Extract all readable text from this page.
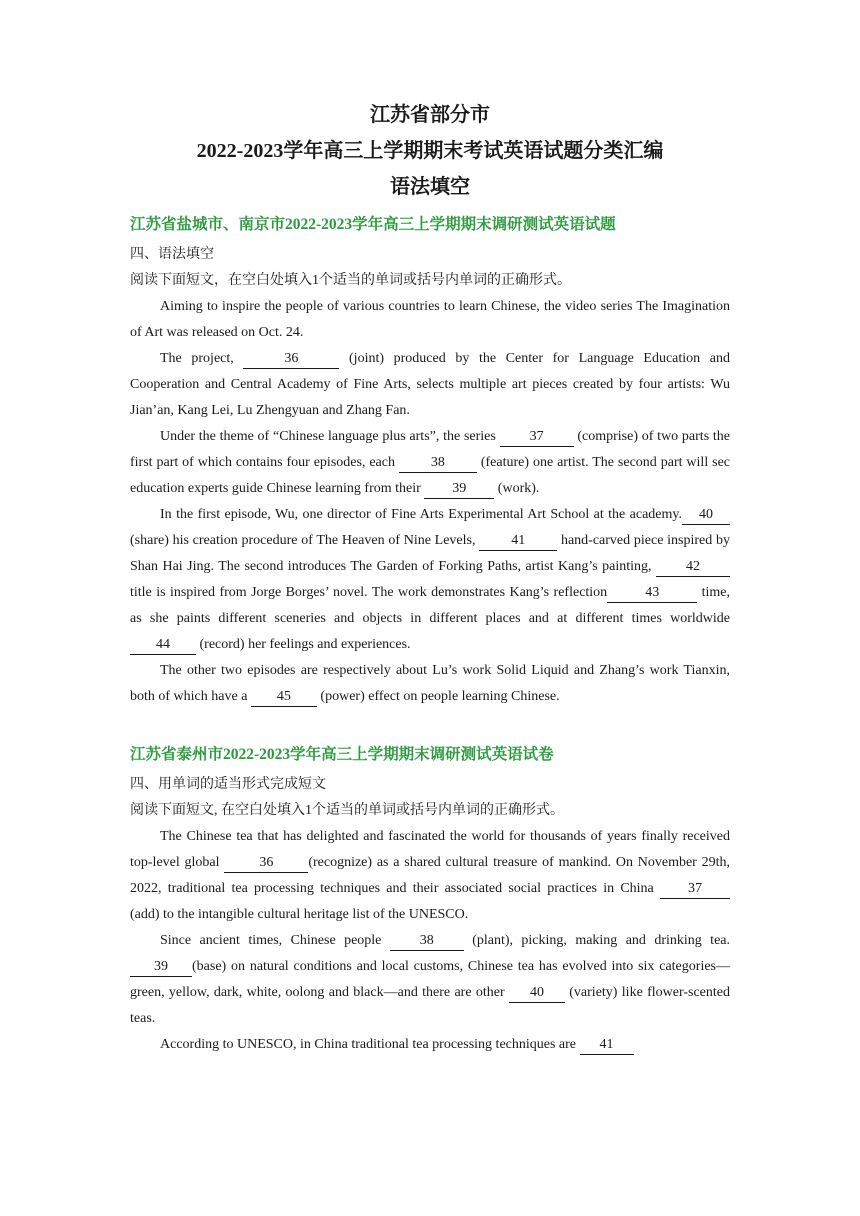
江苏省部分市
2022-2023学年高三上学期期末考试英语试题分类汇编
语法填空
江苏省盐城市、南京市2022-2023学年高三上学期期末调研测试英语试题
四、语法填空
阅读下面短文，在空白处填入1个适当的单词或括号内单词的正确形式。

Aiming to inspire the people of various countries to learn Chinese, the video series The Imagination of Art was released on Oct. 24.

The project,	36	(joint) produced by the Center for Language Education and Cooperation and Central Academy of Fine Arts, selects multiple art pieces created by four artists: Wu Jian’an, Kang Lei, Lu Zhengyuan and Zhang Fan.

Under the theme of “Chinese language plus arts”, the series 37 (comprise) of two parts the first part of which contains four episodes, each 38 (feature) one artist. The second part will sec education experts guide Chinese learning from their 39 (work).

In the first episode, Wu, one director of Fine Arts Experimental Art School at the academy. 40 (share) his creation procedure of The Heaven of Nine Levels, 41 hand-carved piece inspired by Shan Hai Jing. The second introduces The Garden of Forking Paths, artist Kang’s painting, 42 title is inspired from Jorge Borges’ novel. The work demonstrates Kang’s reflection	43	time, as she paints different sceneries and objects in different places and at different times worldwide 44 (record) her feelings and experiences.

The other two episodes are respectively about Lu’s work Solid Liquid and Zhang’s work Tianxin, both of which have a 45 (power) effect on people learning Chinese.

江苏省泰州市2022-2023学年高三上学期期末调研测试英语试卷
四、用单词的适当形式完成短文
阅读下面短文, 在空白处填入1个适当的单词或括号内单词的正确形式。

The Chinese tea that has delighted and fascinated the world for thousands of years finally received top-level global	36	(recognize) as a shared cultural treasure of mankind. On November 29th, 2022, traditional tea processing techniques and their associated social practices in China 37 (add) to the intangible cultural heritage list of the UNESCO.

Since ancient times, Chinese people 38 (plant), picking, making and drinking tea.39 (base) on natural conditions and local customs, Chinese tea has evolved into six categories—green, yellow, dark, white, oolong and black—and there are other 40 (variety) like flower-scented teas.

According to UNESCO, in China traditional tea processing techniques are 41
